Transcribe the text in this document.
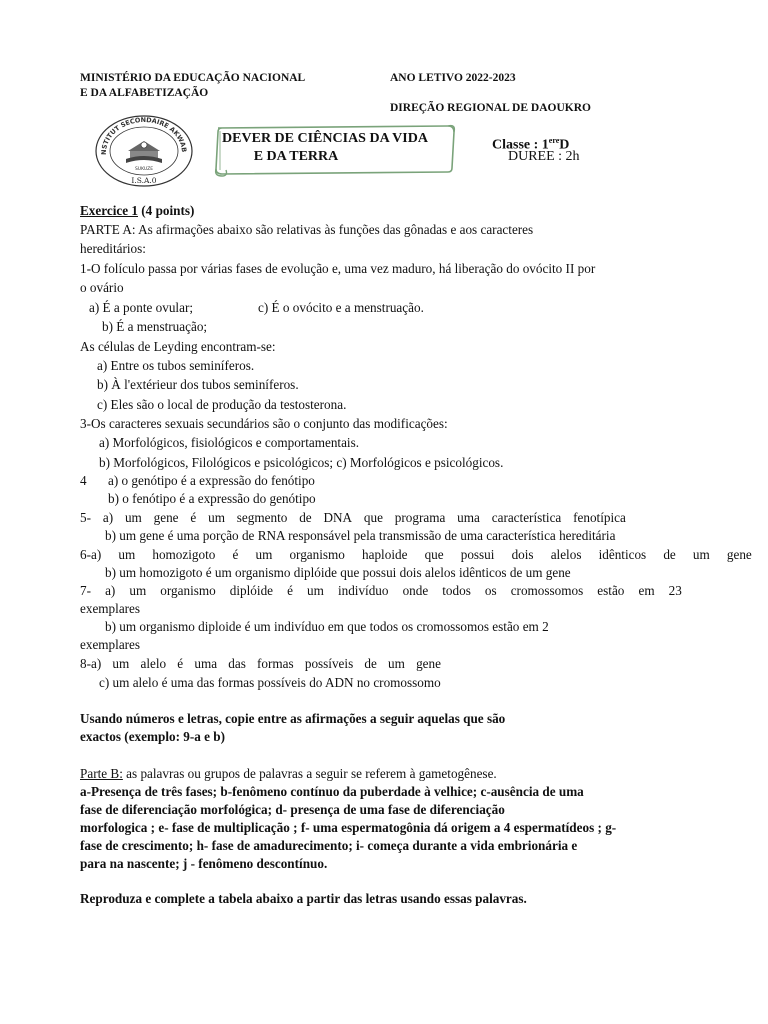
MINISTÉRIO DA EDUCAÇÃO NACIONAL
E DA ALFABETIZAÇÃO
ANO LETIVO 2022-2023
DIREÇÃO REGIONAL DE DAOUKRO
NSTITUT SECONDAIRE AKWAB
SUKUZE
I.S.A.0
DEVER DE CIÊNCIAS DA VIDA
E DA TERRA
Classe : 1ereD
DUREE : 2h
Exercice 1 (4 points)
PARTE A: As afirmações abaixo são relativas às funções das gônadas e aos caracteres
hereditários:
1-O folículo passa por várias fases de evolução e, uma vez maduro, há liberação do ovócito II por
o ovário
a) É a ponte ovular;	c) É o ovócito e a menstruação.
b) É a menstruação;
As células de Leyding encontram-se:
a) Entre os tubos seminíferos.
b) À l'extérieur dos tubos seminíferos.
c) Eles são o local de produção da testosterona.
3-Os caracteres sexuais secundários são o conjunto das modificações:
a) Morfológicos, fisiológicos e comportamentais.
b) Morfológicos, Filológicos e psicológicos; c) Morfológicos e psicológicos.
4 a) o genótipo é a expressão do fenótipo
b) o fenótipo é a expressão do genótipo
5- a) um gene é um segmento de DNA que programa uma característica fenotípica
b) um gene é uma porção de RNA responsável pela transmissão de uma característica hereditária
6-a) um homozigoto é um organismo haploide que possui dois alelos idênticos de um gene
b) um homozigoto é um organismo diplóide que possui dois alelos idênticos de um gene
7- a) um organismo diplóide é um indivíduo onde todos os cromossomos estão em 23
exemplares
b) um organismo diploide é um indivíduo em que todos os cromossomos estão em 2
exemplares
8-a) um alelo é uma das formas possíveis de um gene
c) um alelo é uma das formas possíveis do ADN no cromossomo
Usando números e letras, copie entre as afirmações a seguir aquelas que são
exactos (exemplo: 9-a e b)
Parte B: as palavras ou grupos de palavras a seguir se referem à gametogênese.
a-Presença de três fases; b-fenômeno contínuo da puberdade à velhice; c-ausência de uma
fase de diferenciação morfológica; d- presença de uma fase de diferenciação
morfologica ; e- fase de multiplicação ; f- uma espermatogônia dá origem a 4 espermatídeos ; g-
fase de crescimento; h- fase de amadurecimento; i- começa durante a vida embrionária e
para na nascente; j - fenômeno descontínuo.
Reproduza e complete a tabela abaixo a partir das letras usando essas palavras.
